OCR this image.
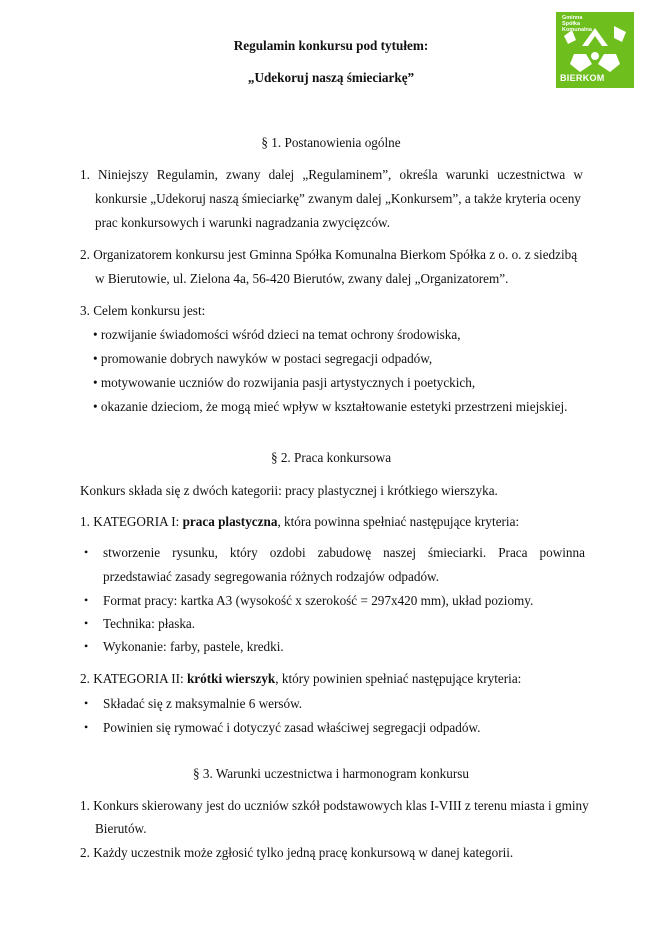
Gminna Spółka
Komunalna
BIERKOM
Regulamin konkursu pod tytułem:
„Udekoruj naszą śmieciarkę”
§ 1. Postanowienia ogólne
1. Niniejszy Regulamin, zwany dalej „Regulaminem”, określa warunki uczestnictwa w
konkursie „Udekoruj naszą śmieciarkę” zwanym dalej „Konkursem”, a także kryteria oceny
prac konkursowych i warunki nagradzania zwycięzców.
2. Organizatorem konkursu jest Gminna Spółka Komunalna Bierkom Spółka z o. o. z siedzibą
w Bierutowie, ul. Zielona 4a, 56-420 Bierutów, zwany dalej „Organizatorem”.
3. Celem konkursu jest:
• rozwijanie świadomości wśród dzieci na temat ochrony środowiska,
• promowanie dobrych nawyków w postaci segregacji odpadów,
• motywowanie uczniów do rozwijania pasji artystycznych i poetyckich,
• okazanie dzieciom, że mogą mieć wpływ w kształtowanie estetyki przestrzeni miejskiej.
§ 2. Praca konkursowa
Konkurs składa się z dwóch kategorii: pracy plastycznej i krótkiego wierszyka.
1. KATEGORIA I: praca plastyczna, która powinna spełniać następujące kryteria:
• stworzenie rysunku, który ozdobi zabudowę naszej śmieciarki. Praca powinna
przedstawiać zasady segregowania różnych rodzajów odpadów.
• Format pracy: kartka A3 (wysokość x szerokość = 297x420 mm), układ poziomy.
• Technika: płaska.
• Wykonanie: farby, pastele, kredki.
2. KATEGORIA II: krótki wierszyk, który powinien spełniać następujące kryteria:
• Składać się z maksymalnie 6 wersów.
• Powinien się rymować i dotyczyć zasad właściwej segregacji odpadów.
§ 3. Warunki uczestnictwa i harmonogram konkursu
1. Konkurs skierowany jest do uczniów szkół podstawowych klas I-VIII z terenu miasta i gminy
Bierutów.
2. Każdy uczestnik może zgłosić tylko jedną pracę konkursową w danej kategorii.
